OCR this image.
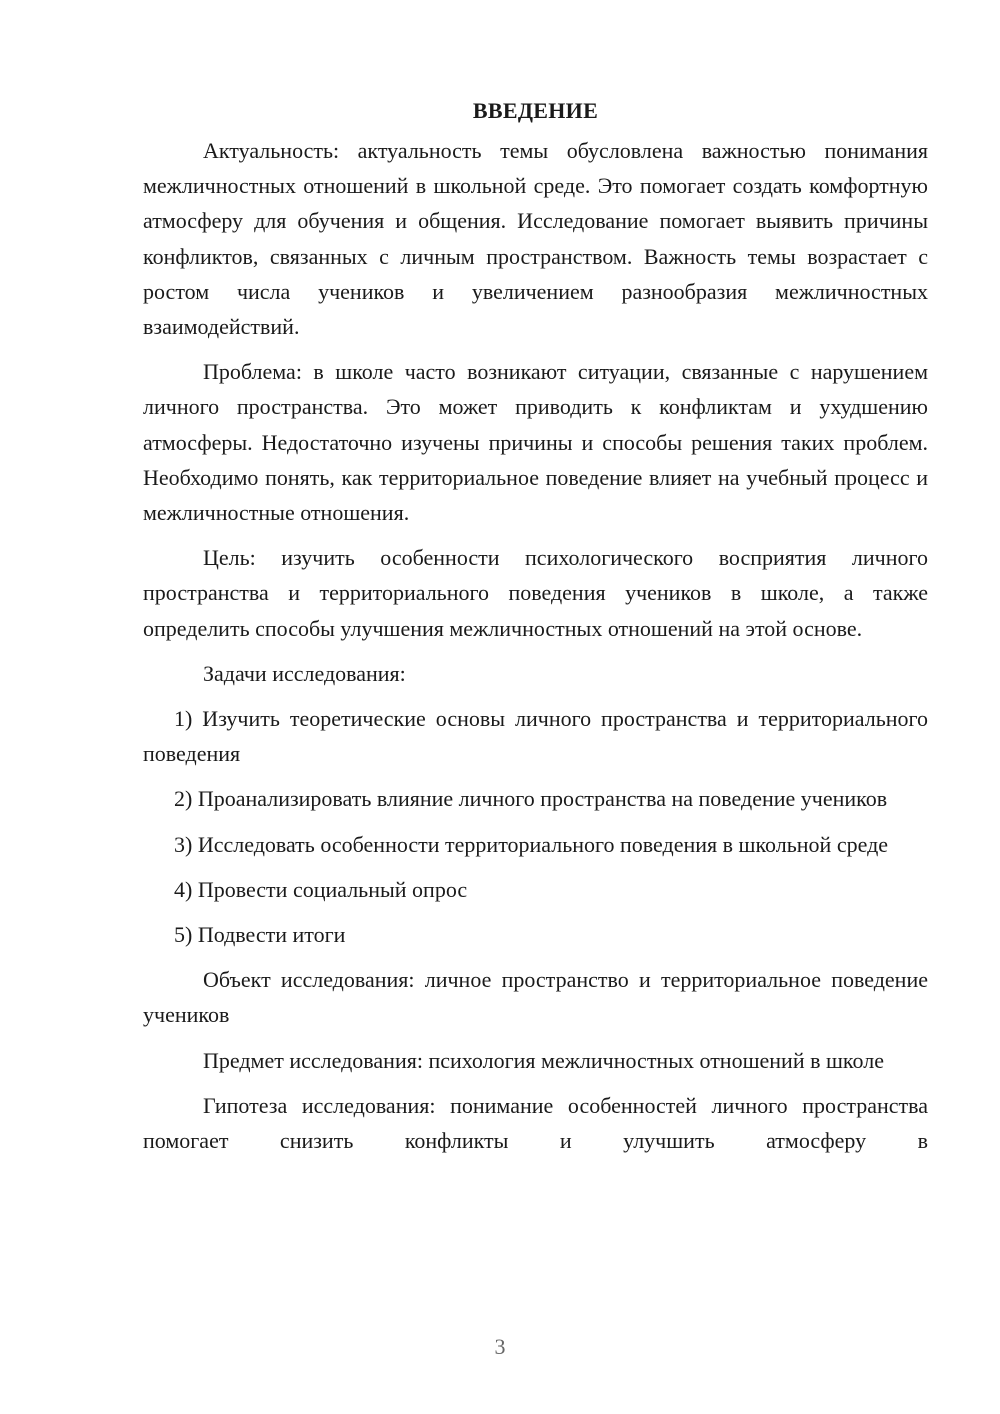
ВВЕДЕНИЕ

Актуальность: актуальность темы обусловлена важностью понимания межличностных отношений в школьной среде. Это помогает создать комфортную атмосферу для обучения и общения. Исследование помогает выявить причины конфликтов, связанных с личным пространством. Важность темы возрастает с ростом числа учеников и увеличением разнообразия межличностных взаимодействий.

Проблема: в школе часто возникают ситуации, связанные с нарушением личного пространства. Это может приводить к конфликтам и ухудшению атмосферы. Недостаточно изучены причины и способы решения таких проблем. Необходимо понять, как территориальное поведение влияет на учебный процесс и межличностные отношения.

Цель: изучить особенности психологического восприятия личного пространства и территориального поведения учеников в школе, а также определить способы улучшения межличностных отношений на этой основе.

Задачи исследования:

1) Изучить теоретические основы личного пространства и территориального поведения

2) Проанализировать влияние личного пространства на поведение учеников

3) Исследовать особенности территориального поведения в школьной среде

4) Провести социальный опрос

5) Подвести итоги

Объект исследования: личное пространство и территориальное поведение учеников

Предмет исследования: психология межличностных отношений в школе

Гипотеза исследования: понимание особенностей личного пространства помогает снизить конфликты и улучшить атмосферу в

3
